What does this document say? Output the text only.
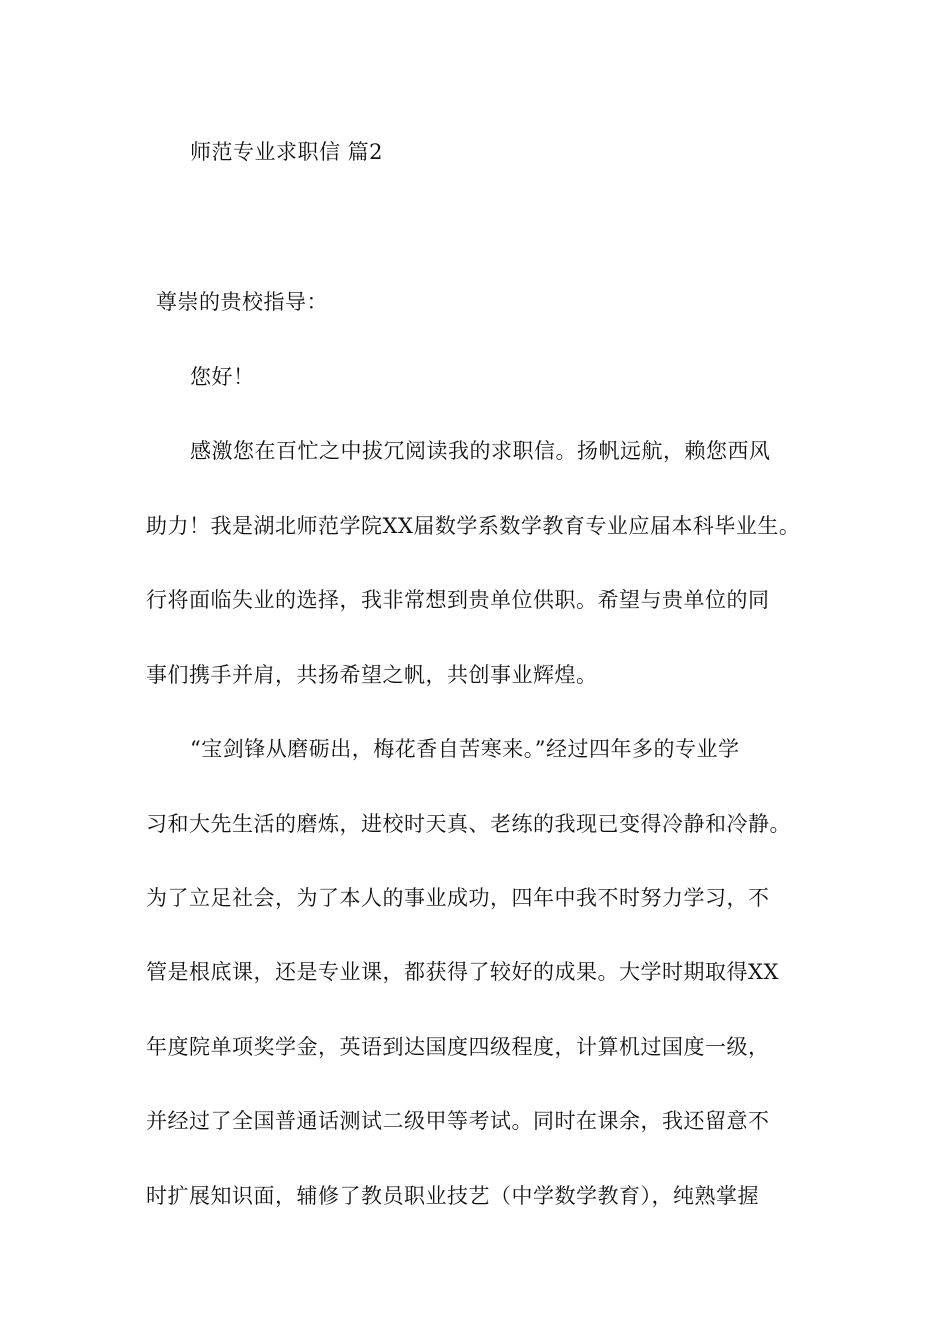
师范专业求职信 篇2
尊崇的贵校指导：
您好！
感激您在百忙之中拔冗阅读我的求职信。扬帆远航，赖您西风
助力！我是湖北师范学院XX届数学系数学教育专业应届本科毕业生。
行将面临失业的选择，我非常想到贵单位供职。希望与贵单位的同
事们携手并肩，共扬希望之帆，共创事业辉煌。
“宝剑锋从磨砺出，梅花香自苦寒来。”经过四年多的专业学
习和大先生活的磨炼，进校时天真、老练的我现已变得冷静和冷静。
为了立足社会，为了本人的事业成功，四年中我不时努力学习，不
管是根底课，还是专业课，都获得了较好的成果。大学时期取得XX
年度院单项奖学金，英语到达国度四级程度，计算机过国度一级，
并经过了全国普通话测试二级甲等考试。同时在课余，我还留意不
时扩展知识面，辅修了教员职业技艺（中学数学教育），纯熟掌握
